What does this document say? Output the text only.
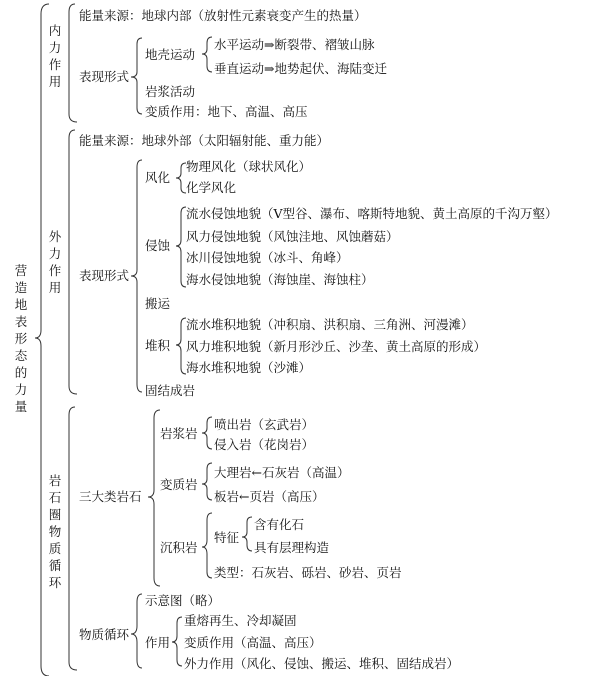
营造地表形态的力量
内力作用
能量来源：地球内部（放射性元素衰变产生的热量）
表现形式
地壳运动
水平运动⇒断裂带、褶皱山脉
垂直运动⇒地势起伏、海陆变迁
岩浆活动
变质作用：地下、高温、高压
外力作用
能量来源：地球外部（太阳辐射能、重力能）
表现形式
风化
物理风化（球状风化）
化学风化
侵蚀
流水侵蚀地貌（V型谷、瀑布、喀斯特地貌、黄土高原的千沟万壑）
风力侵蚀地貌（风蚀洼地、风蚀蘑菇）
冰川侵蚀地貌（冰斗、角峰）
海水侵蚀地貌（海蚀崖、海蚀柱）
搬运
堆积
流水堆积地貌（冲积扇、洪积扇、三角洲、河漫滩）
风力堆积地貌（新月形沙丘、沙垄、黄土高原的形成）
海水堆积地貌（沙滩）
固结成岩
岩石圈物质循环
三大类岩石
岩浆岩
喷出岩（玄武岩）
侵入岩（花岗岩）
变质岩
大理岩←石灰岩（高温）
板岩←页岩（高压）
沉积岩
特征
含有化石
具有层理构造
类型：石灰岩、砾岩、砂岩、页岩
物质循环
示意图（略）
作用
重熔再生、冷却凝固
变质作用（高温、高压）
外力作用（风化、侵蚀、搬运、堆积、固结成岩）
